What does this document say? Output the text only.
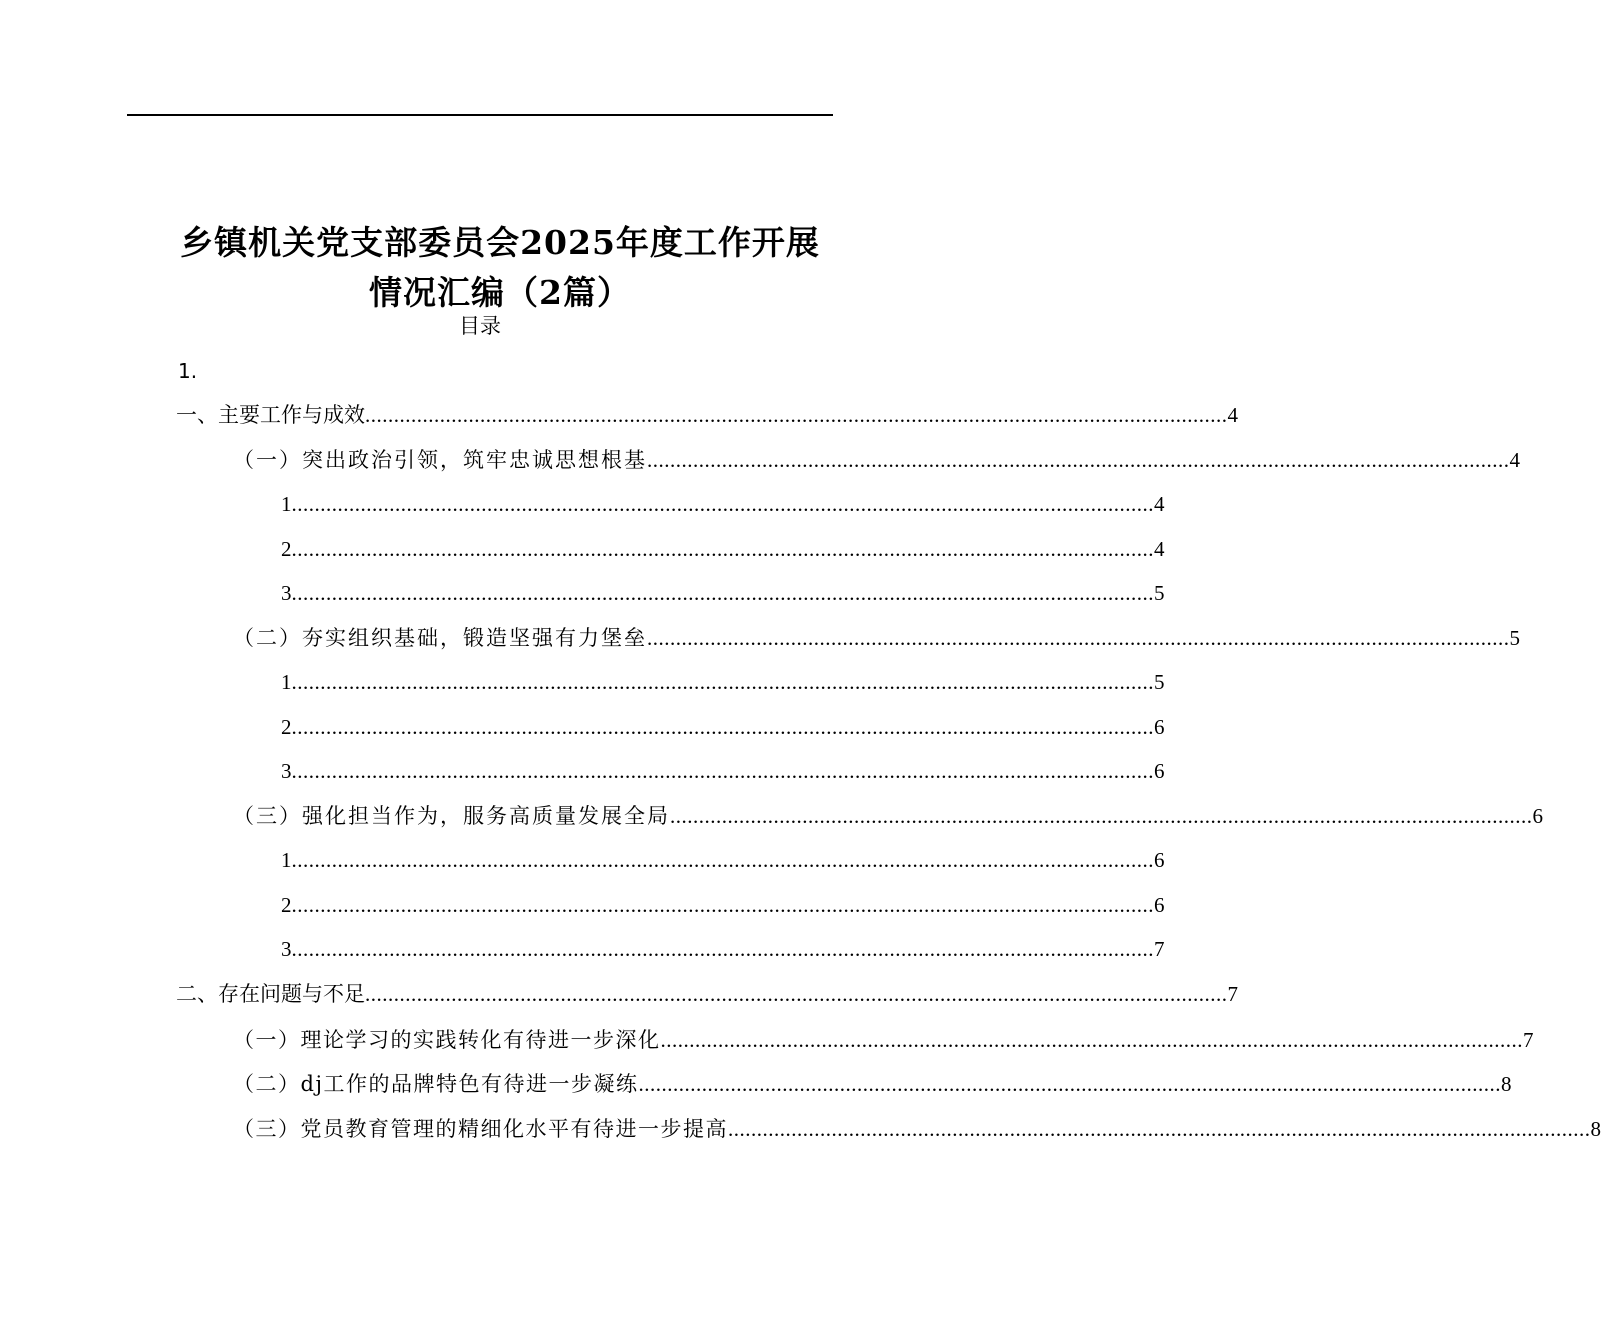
乡镇机关党支部委员会2025年度工作开展
情况汇编（2篇）
目录
1.
一、主要工作与成效 ...................................................................................................................................................... 4
（一）突出政治引领，筑牢忠诚思想根基 ...................................................................................................................................................... 4
1 ...................................................................................................................................................... 4
2 ...................................................................................................................................................... 4
3 ...................................................................................................................................................... 5
（二）夯实组织基础，锻造坚强有力堡垒 ...................................................................................................................................................... 5
1 ...................................................................................................................................................... 5
2 ...................................................................................................................................................... 6
3 ...................................................................................................................................................... 6
（三）强化担当作为，服务高质量发展全局 ...................................................................................................................................................... 6
1 ...................................................................................................................................................... 6
2 ...................................................................................................................................................... 6
3 ...................................................................................................................................................... 7
二、存在问题与不足 ...................................................................................................................................................... 7
（一）理论学习的实践转化有待进一步深化 ...................................................................................................................................................... 7
（二）dj工作的品牌特色有待进一步凝练 ...................................................................................................................................................... 8
（三）党员教育管理的精细化水平有待进一步提高 ...................................................................................................................................................... 8
